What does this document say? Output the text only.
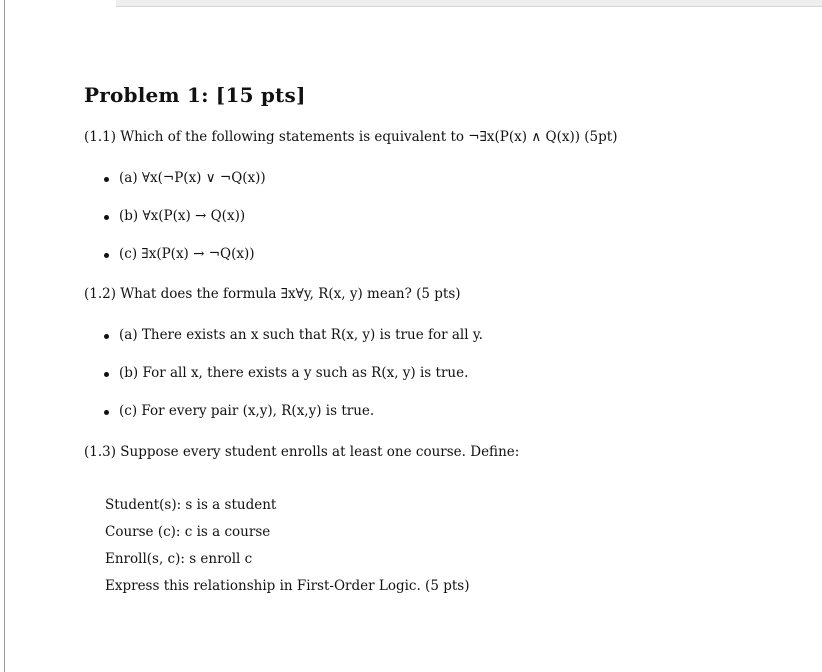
Problem 1: [15 pts]
(1.1) Which of the following statements is equivalent to ¬∃x(P(x) ∧ Q(x)) (5pt)
(a) ∀x(¬P(x) ∨ ¬Q(x))
(b) ∀x(P(x) → Q(x))
(c) ∃x(P(x) → ¬Q(x))
(1.2) What does the formula ∃x∀y, R(x, y) mean? (5 pts)
(a) There exists an x such that R(x, y) is true for all y.
(b) For all x, there exists a y such as R(x, y) is true.
(c) For every pair (x,y), R(x,y) is true.
(1.3) Suppose every student enrolls at least one course. Define:
Student(s): s is a student
Course (c): c is a course
Enroll(s, c): s enroll c
Express this relationship in First-Order Logic. (5 pts)
